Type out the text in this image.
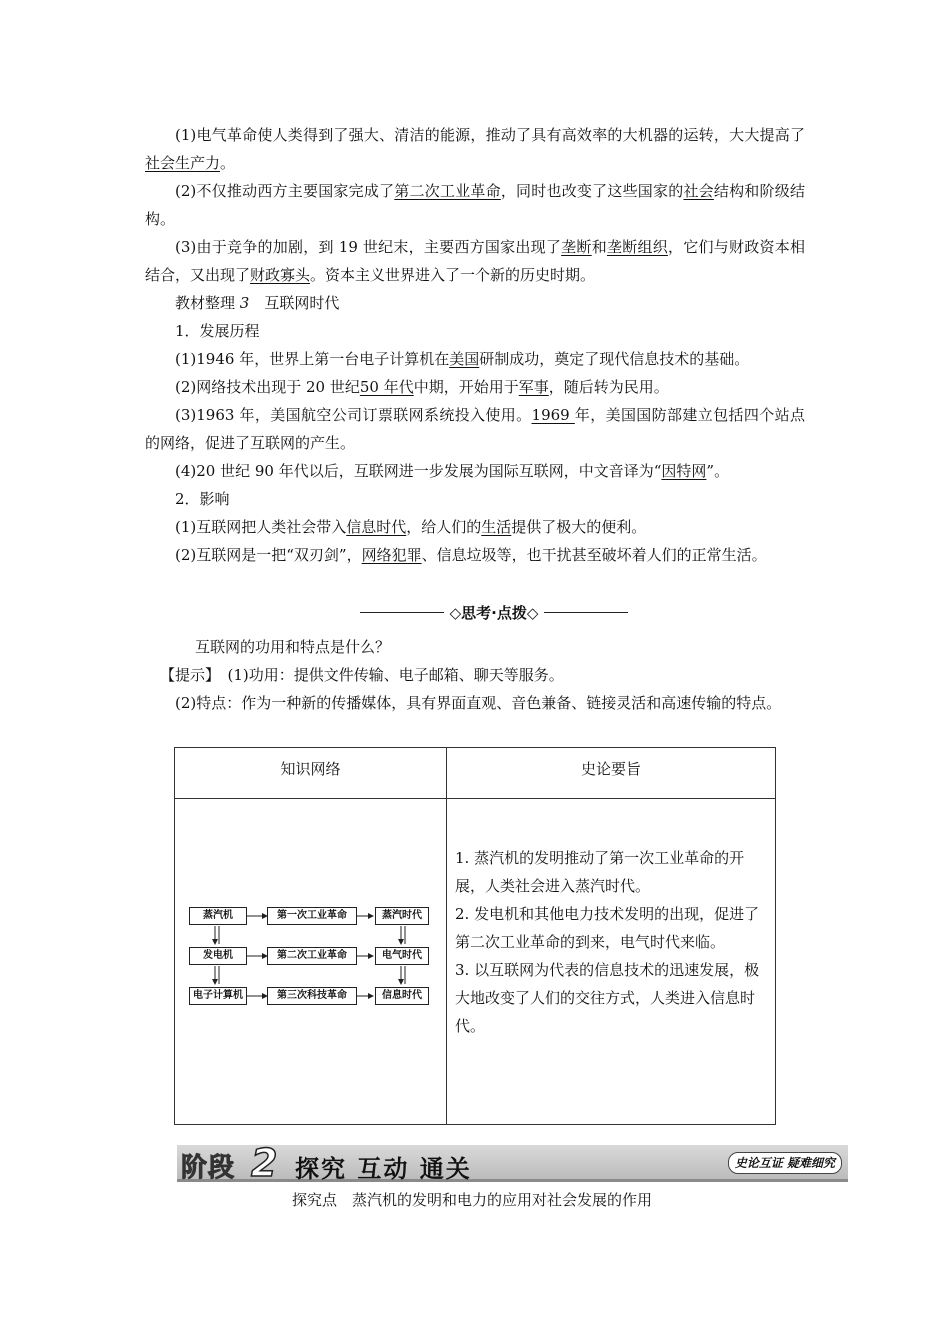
(1)电气革命使人类得到了强大、清洁的能源，推动了具有高效率的大机器的运转，大大提高了社会生产力。

(2)不仅推动西方主要国家完成了第二次工业革命，同时也改变了这些国家的社会结构和阶级结构。

(3)由于竞争的加剧，到 19 世纪末，主要西方国家出现了垄断和垄断组织，它们与财政资本相结合，又出现了财政寡头。资本主义世界进入了一个新的历史时期。

教材整理 3　 互联网时代

1．发展历程

(1)1946 年，世界上第一台电子计算机在美国研制成功，奠定了现代信息技术的基础。

(2)网络技术出现于 20 世纪50 年代中期，开始用于军事，随后转为民用。

(3)1963 年，美国航空公司订票联网系统投入使用。1969 年，美国国防部建立包括四个站点的网络，促进了互联网的产生。

(4)20 世纪 90 年代以后，互联网进一步发展为国际互联网，中文音译为“因特网”。

2．影响

(1)互联网把人类社会带入信息时代，给人们的生活提供了极大的便利。

(2)互联网是一把“双刃剑”，网络犯罪、信息垃圾等，也干扰甚至破坏着人们的正常生活。

◇思考·点拨◇

互联网的功用和特点是什么？

【提示】　 (1)功用：提供文件传输、电子邮箱、聊天等服务。

(2)特点：作为一种新的传播媒体，具有界面直观、音色兼备、链接灵活和高速传输的特点。

知识网络	史论要旨
蒸汽机
发电机
电子计算机
第一次工业革命
第二次工业革命
第三次科技革命
蒸汽时代
电气时代
信息时代

1. 蒸汽机的发明推动了第一次工业革命的开展，人类社会进入蒸汽时代。

2. 发电机和其他电力技术发明的出现，促进了第二次工业革命的到来，电气时代来临。

3. 以互联网为代表的信息技术的迅速发展，极大地改变了人们的交往方式，人类进入信息时代。

阶段 2 探究 互动 通关	史论互证 疑难细究

探究点　蒸汽机的发明和电力的应用对社会发展的作用
